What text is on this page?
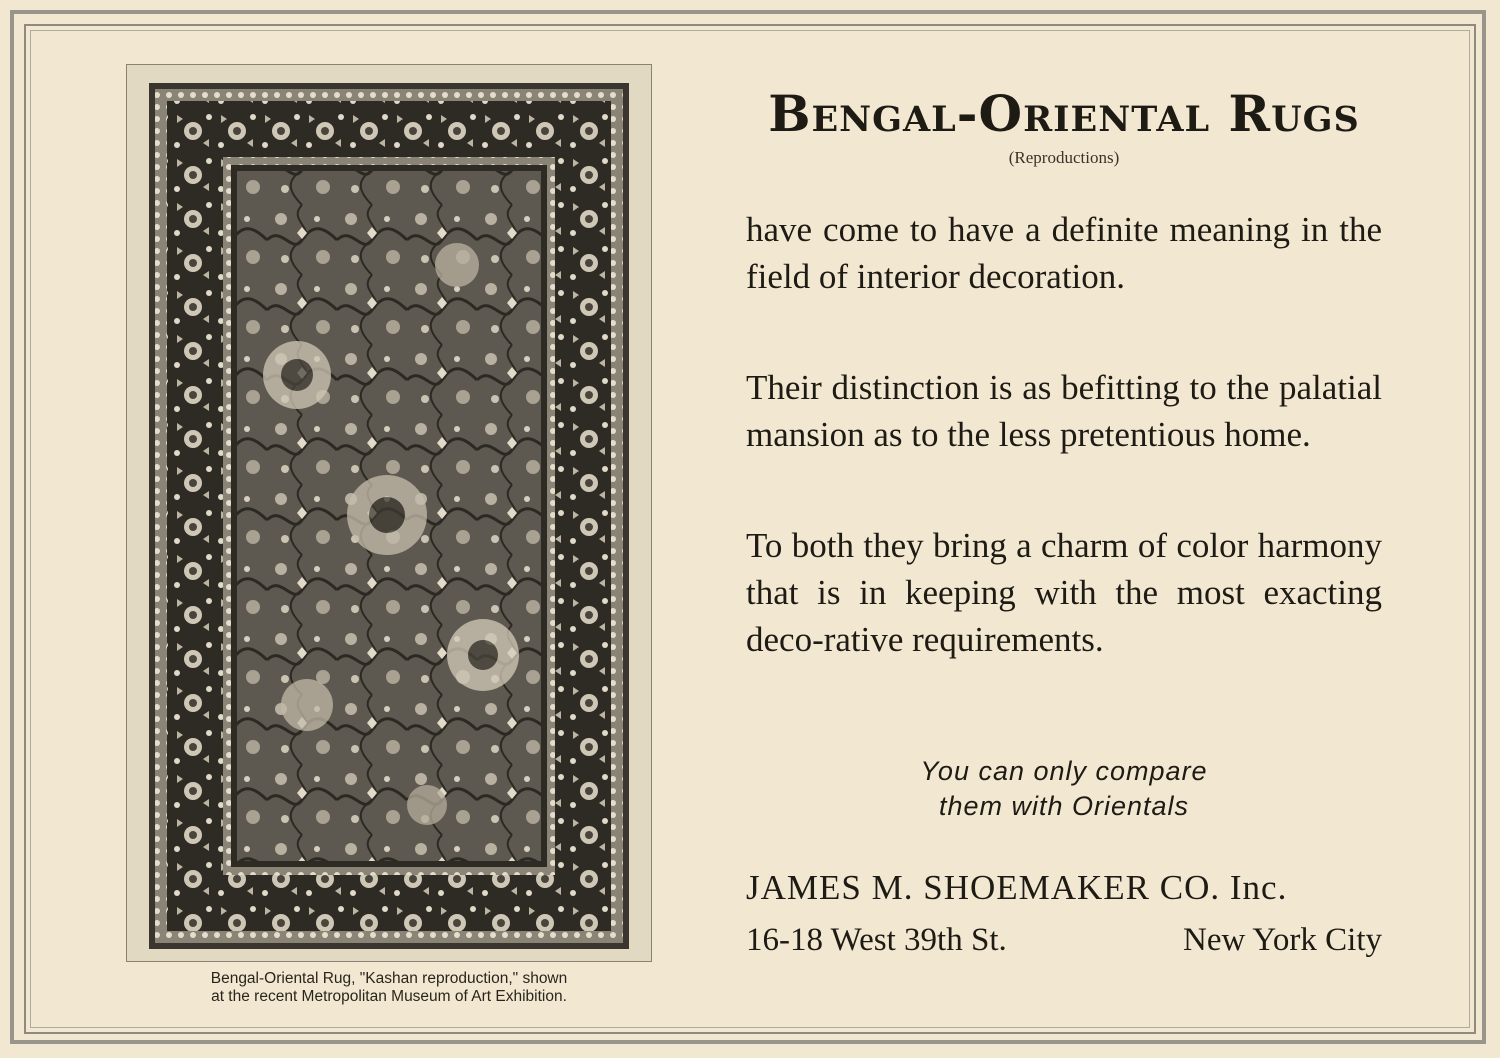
Bengal-Oriental Rug, "Kashan reproduction," shown
at the recent Metropolitan Museum of Art Exhibition.
Bengal-Oriental Rugs
(Reproductions)
have come to have a definite meaning in the field of interior decoration.
Their distinction is as befitting to the palatial mansion as to the less pretentious home.
To both they bring a charm of color harmony that is in keeping with the most exacting deco-rative requirements.
You can only compare
them with Orientals
JAMES M. SHOEMAKER CO. Inc.
16-18 West 39th St.	New York City
